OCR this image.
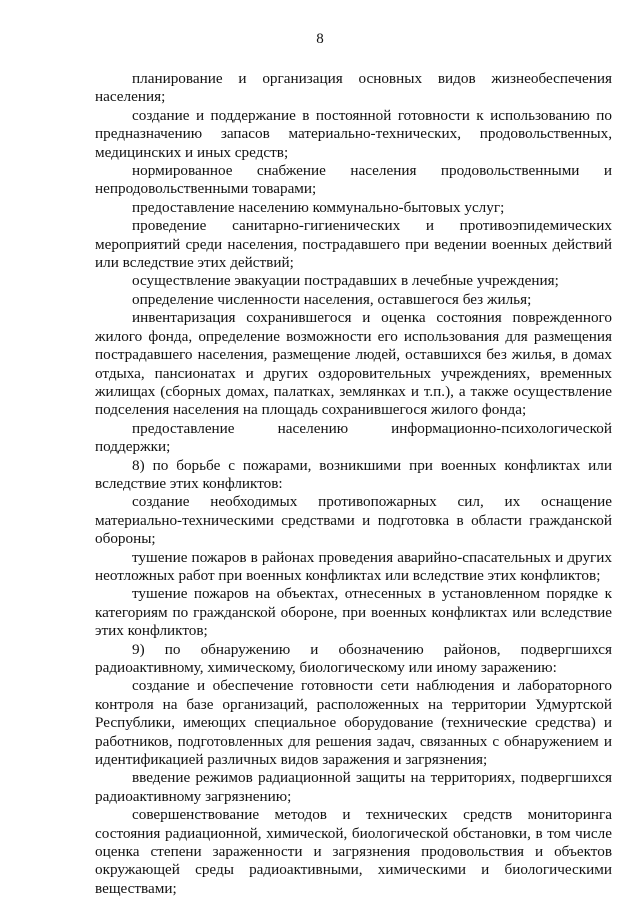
8

планирование и организация основных видов жизнеобеспечения населения;

создание и поддержание в постоянной готовности к использованию по предназначению запасов материально-технических, продовольственных, медицинских и иных средств;

нормированное снабжение населения продовольственными и непродовольственными товарами;

предоставление населению коммунально-бытовых услуг;

проведение санитарно-гигиенических и противоэпидемических мероприятий среди населения, пострадавшего при ведении военных действий или вследствие этих действий;

осуществление эвакуации пострадавших в лечебные учреждения;

определение численности населения, оставшегося без жилья;

инвентаризация сохранившегося и оценка состояния поврежденного жилого фонда, определение возможности его использования для размещения пострадавшего населения, размещение людей, оставшихся без жилья, в домах отдыха, пансионатах и других оздоровительных учреждениях, временных жилищах (сборных домах, палатках, землянках и т.п.), а также осуществление подселения населения на площадь сохранившегося жилого фонда;

предоставление населению информационно-психологической поддержки;

8) по борьбе с пожарами, возникшими при военных конфликтах или вследствие этих конфликтов:

создание необходимых противопожарных сил, их оснащение материально-техническими средствами и подготовка в области гражданской обороны;

тушение пожаров в районах проведения аварийно-спасательных и других неотложных работ при военных конфликтах или вследствие этих конфликтов;

тушение пожаров на объектах, отнесенных в установленном порядке к категориям по гражданской обороне, при военных конфликтах или вследствие этих конфликтов;

9) по обнаружению и обозначению районов, подвергшихся радиоактивному, химическому, биологическому или иному заражению:

создание и обеспечение готовности сети наблюдения и лабораторного контроля на базе организаций, расположенных на территории Удмуртской Республики, имеющих специальное оборудование (технические средства) и работников, подготовленных для решения задач, связанных с обнаружением и идентификацией различных видов заражения и загрязнения;

введение режимов радиационной защиты на территориях, подвергшихся радиоактивному загрязнению;

совершенствование методов и технических средств мониторинга состояния радиационной, химической, биологической обстановки, в том числе оценка степени зараженности и загрязнения продовольствия и объектов окружающей среды радиоактивными, химическими и биологическими веществами;
